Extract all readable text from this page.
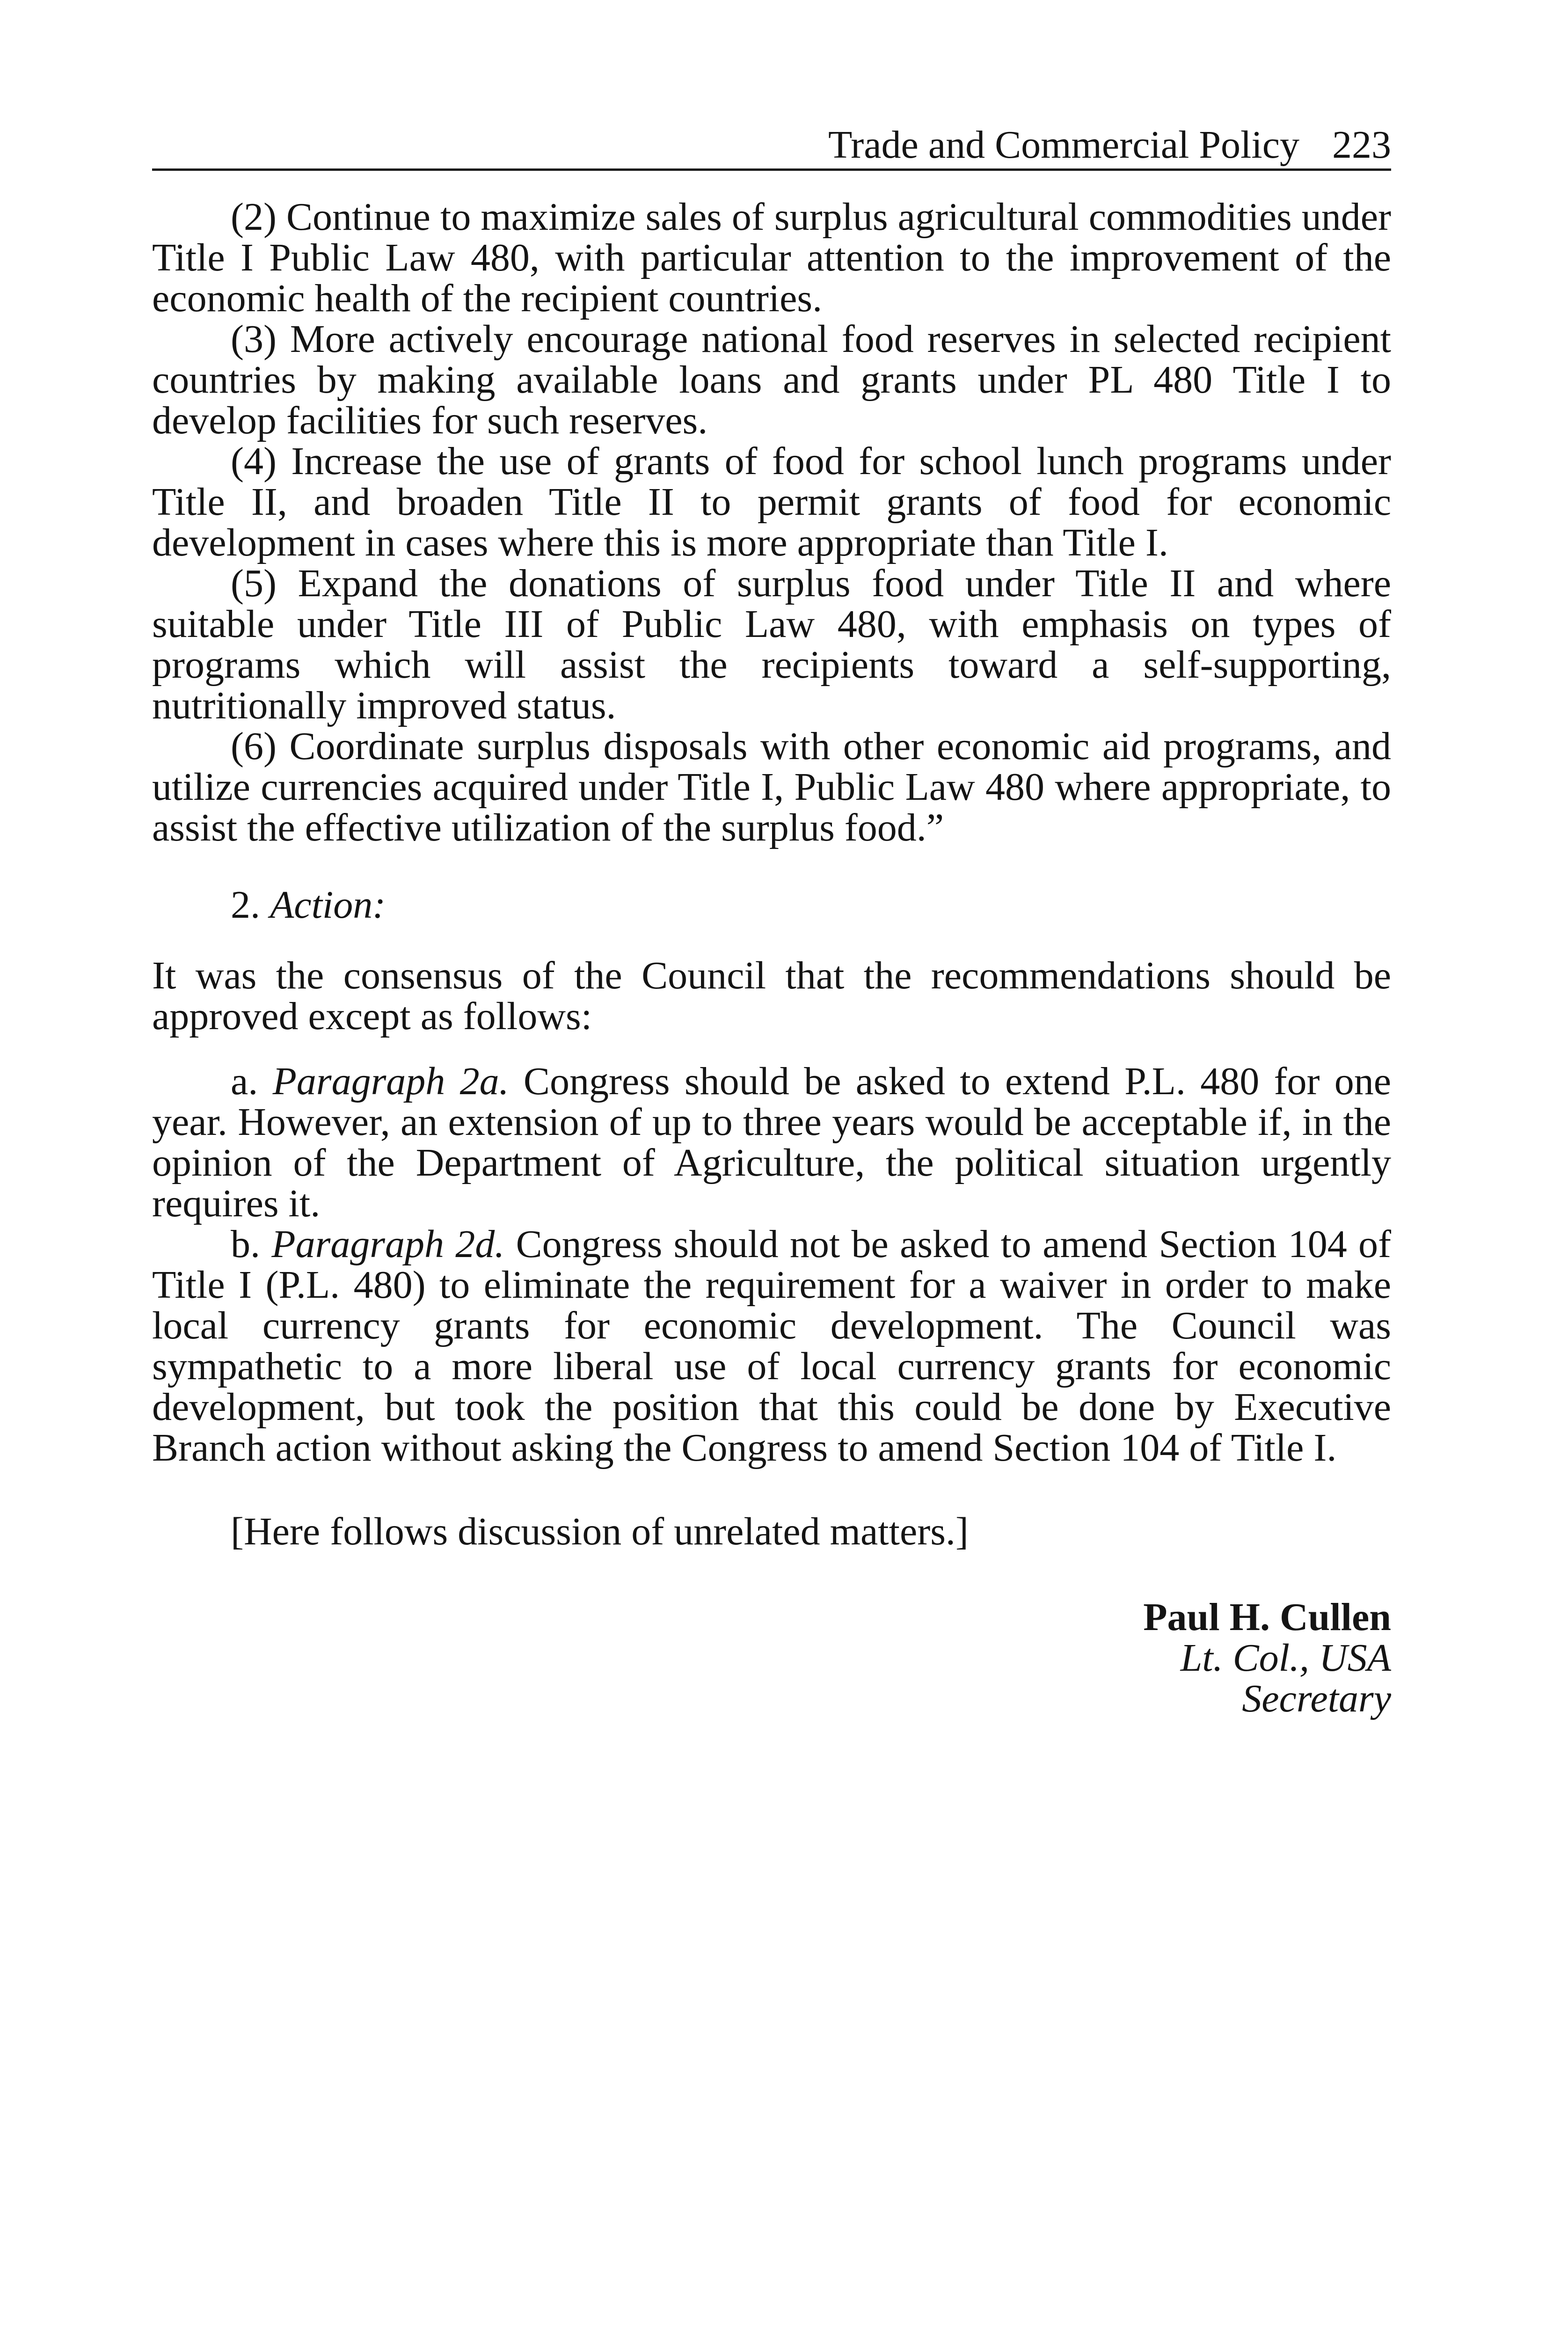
Trade and Commercial Policy 223

(2) Continue to maximize sales of surplus agricultural commodities under Title I Public Law 480, with particular attention to the improvement of the economic health of the recipient countries.

(3) More actively encourage national food reserves in selected recipient countries by making available loans and grants under PL 480 Title I to develop facilities for such reserves.

(4) Increase the use of grants of food for school lunch programs under Title II, and broaden Title II to permit grants of food for economic development in cases where this is more appropriate than Title I.

(5) Expand the donations of surplus food under Title II and where suitable under Title III of Public Law 480, with emphasis on types of programs which will assist the recipients toward a self-supporting, nutritionally improved status.

(6) Coordinate surplus disposals with other economic aid programs, and utilize currencies acquired under Title I, Public Law 480 where appropriate, to assist the effective utilization of the surplus food.”

2. Action:

It was the consensus of the Council that the recommendations should be approved except as follows:

a. Paragraph 2a. Congress should be asked to extend P.L. 480 for one year. However, an extension of up to three years would be acceptable if, in the opinion of the Department of Agriculture, the political situation urgently requires it.

b. Paragraph 2d. Congress should not be asked to amend Section 104 of Title I (P.L. 480) to eliminate the requirement for a waiver in order to make local currency grants for economic development. The Council was sympathetic to a more liberal use of local currency grants for economic development, but took the position that this could be done by Executive Branch action without asking the Congress to amend Section 104 of Title I.

[Here follows discussion of unrelated matters.]

Paul H. Cullen
Lt. Col., USA
Secretary
